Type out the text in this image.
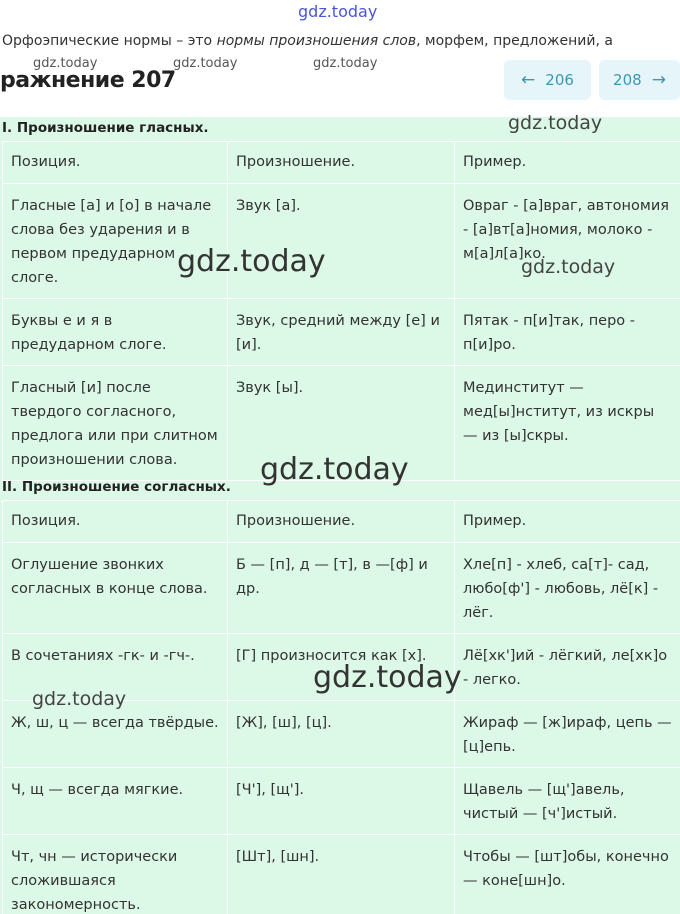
gdz.today
Орфоэпические нормы – это нормы произношения слов, морфем, предложений, а
gdz.today	gdz.today	gdz.today
ражнение 207	← 206	208 →
I. Произношение гласных.
Позиция.	Произношение.	Пример.
Гласные [а] и [о] в начале слова без ударения и в первом предударном слоге.	Звук [а].	Овраг - [а]враг, автономия - [а]вт[а]номия, молоко - м[а]л[а]ко.
Буквы е и я в предударном слоге.	Звук, средний между [е] и [и].	Пятак - п[и]так, перо - п[и]ро.
Гласный [и] после твердого согласного, предлога или при слитном произношении слова.	Звук [ы].	Мединститут — мед[ы]нститут, из искры — из [ы]скры.
II. Произношение согласных.
Позиция.	Произношение.	Пример.
Оглушение звонких согласных в конце слова.	Б — [п], д — [т], в —[ф] и др.	Хле[п] - хлеб, са[т]- сад, любо[ф'] - любовь, лё[к] - лёг.
В сочетаниях -гк- и -гч-.	[Г] произносится как [х].	Лё[хк']ий - лёгкий, ле[хк]о - легко.
Ж, ш, ц — всегда твёрдые.	[Ж], [ш], [ц].	Жираф — [ж]ираф, цепь — [ц]епь.
Ч, щ — всегда мягкие.	[Ч'], [щ'].	Щавель — [щ']авель, чистый — [ч']истый.
Чт, чн — исторически сложившаяся закономерность.	[Шт], [шн].	Чтобы — [шт]обы, конечно — коне[шн]о.
gdz.today
gdz.today	gdz.today
gdz.today
gdz.today
gdz.today
